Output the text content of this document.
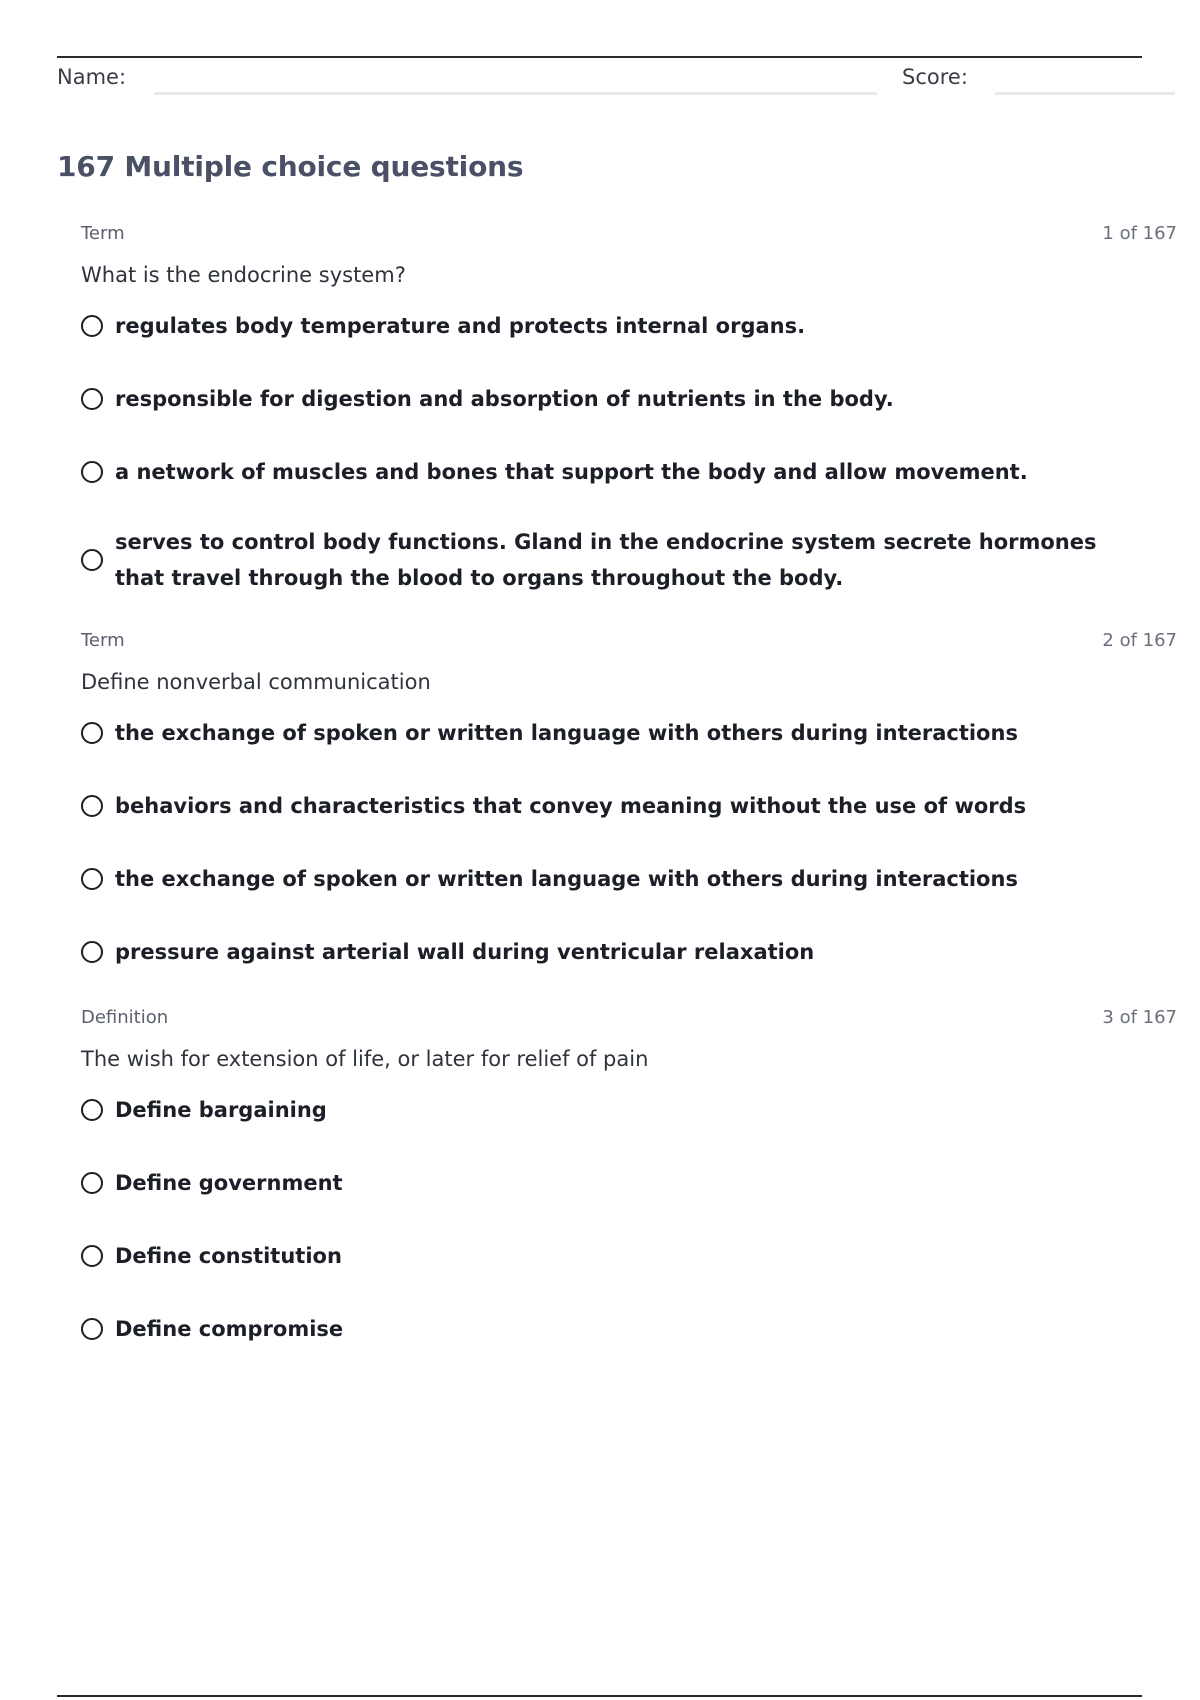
Name:	Score:
167 Multiple choice questions
Term	1 of 167
What is the endocrine system?
regulates body temperature and protects internal organs.
responsible for digestion and absorption of nutrients in the body.
a network of muscles and bones that support the body and allow movement.
serves to control body functions. Gland in the endocrine system secrete hormones that travel through the blood to organs throughout the body.
Term	2 of 167
Define nonverbal communication
the exchange of spoken or written language with others during interactions
behaviors and characteristics that convey meaning without the use of words
the exchange of spoken or written language with others during interactions
pressure against arterial wall during ventricular relaxation
Definition	3 of 167
The wish for extension of life, or later for relief of pain
Define bargaining
Define government
Define constitution
Define compromise
